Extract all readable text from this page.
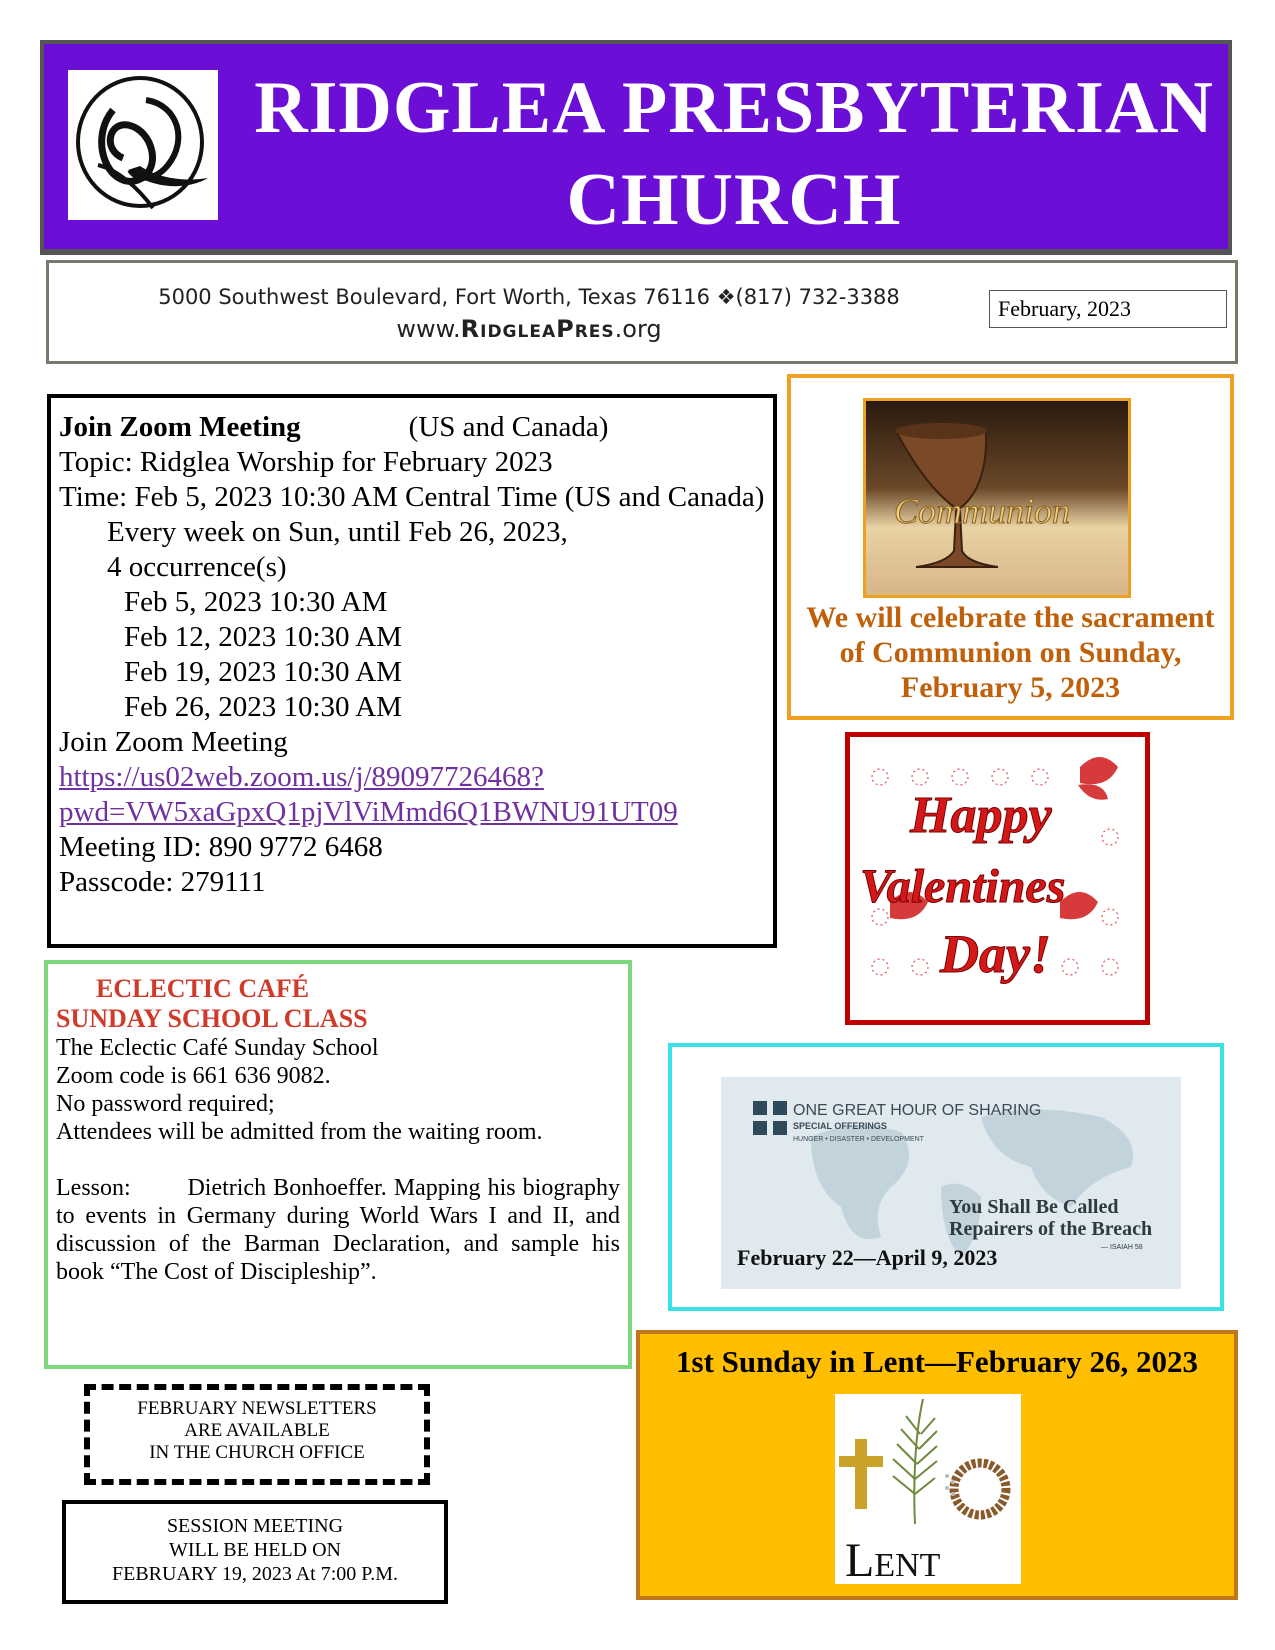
RIDGLEA PRESBYTERIAN
CHURCH
5000 Southwest Boulevard, Fort Worth, Texas 76116 ❖(817) 732-3388
www.RidgleaPres.org
February, 2023
Join Zoom Meeting	(US and Canada)
Topic: Ridglea Worship for February 2023
Time: Feb 5, 2023 10:30 AM Central Time (US and Canada)
Every week on Sun, until Feb 26, 2023,
4 occurrence(s)
Feb 5, 2023 10:30 AM
Feb 12, 2023 10:30 AM
Feb 19, 2023 10:30 AM
Feb 26, 2023 10:30 AM
Join Zoom Meeting
https://us02web.zoom.us/j/89097726468?
pwd=VW5xaGpxQ1pjVlViMmd6Q1BWNU91UT09
Meeting ID: 890 9772 6468
Passcode: 279111
Communion
We will celebrate the sacrament of Communion on Sunday, February 5, 2023
Happy
Valentines
Day!
ECLECTIC CAFÉ
SUNDAY SCHOOL CLASS
The Eclectic Café Sunday School
Zoom code is 661 636 9082.
No password required;
Attendees will be admitted from the waiting room.
Lesson:        Dietrich Bonhoeffer. Mapping his biography to events in Germany during World Wars I and II, and discussion of the Barman Declaration, and sample his book “The Cost of Discipleship”.
ONE GREAT HOUR OF SHARING
SPECIAL OFFERINGS
HUNGER • DISASTER • DEVELOPMENT
You Shall Be Called
Repairers of the Breach
— ISAIAH 58
February 22—April 9, 2023
1st Sunday in Lent—February 26, 2023
Lent
FEBRUARY NEWSLETTERS
ARE AVAILABLE
IN THE CHURCH OFFICE
SESSION MEETING
WILL BE HELD ON
FEBRUARY 19, 2023 At 7:00 P.M.
